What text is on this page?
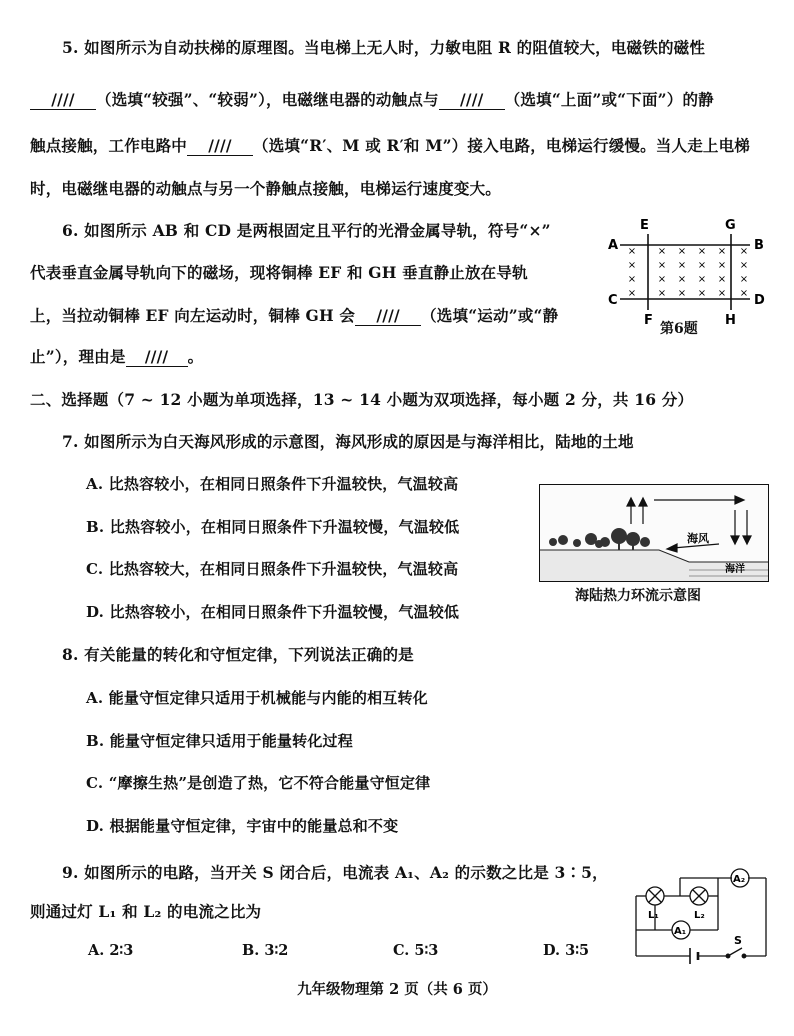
5. 如图所示为自动扶梯的原理图。当电梯上无人时，力敏电阻 R 的阻值较大，电磁铁的磁性
//// （选填“较强”、“较弱”），电磁继电器的动触点与 //// （选填“上面”或“下面”）的静
触点接触，工作电路中 //// （选填“R′、M 或 R′和 M”）接入电路，电梯运行缓慢。当人走上电梯
时，电磁继电器的动触点与另一个静触点接触，电梯运行速度变大。
6. 如图所示 AB 和 CD 是两根固定且平行的光滑金属导轨，符号“×”
代表垂直金属导轨向下的磁场，现将铜棒 EF 和 GH 垂直静止放在导轨
上，当拉动铜棒 EF 向左运动时，铜棒 GH 会 //// （选填“运动”或“静
止”），理由是 //// 。
E	G
A	B
C	D
F	H
× × × × × ×
× × × × × ×
× × × × × ×
× × × × × ×
第6题
二、选择题（7 ~ 12 小题为单项选择，13 ~ 14 小题为双项选择，每小题 2 分，共 16 分）
7. 如图所示为白天海风形成的示意图，海风形成的原因是与海洋相比，陆地的土地
A. 比热容较小，在相同日照条件下升温较快，气温较高
B. 比热容较小，在相同日照条件下升温较慢，气温较低
C. 比热容较大，在相同日照条件下升温较快，气温较高
D. 比热容较小，在相同日照条件下升温较慢，气温较低
海风
海洋
海陆热力环流示意图
8. 有关能量的转化和守恒定律，下列说法正确的是
A. 能量守恒定律只适用于机械能与内能的相互转化
B. 能量守恒定律只适用于能量转化过程
C. “摩擦生热”是创造了热，它不符合能量守恒定律
D. 根据能量守恒定律，宇宙中的能量总和不变
9. 如图所示的电路，当开关 S 闭合后，电流表 A₁、A₂ 的示数之比是 3∶5，
则通过灯 L₁ 和 L₂ 的电流之比为
A. 2∶3	B. 3∶2	C. 5∶3	D. 3∶5
A₂
A₁
L₁	L₂
S
九年级物理第 2 页（共 6 页）
